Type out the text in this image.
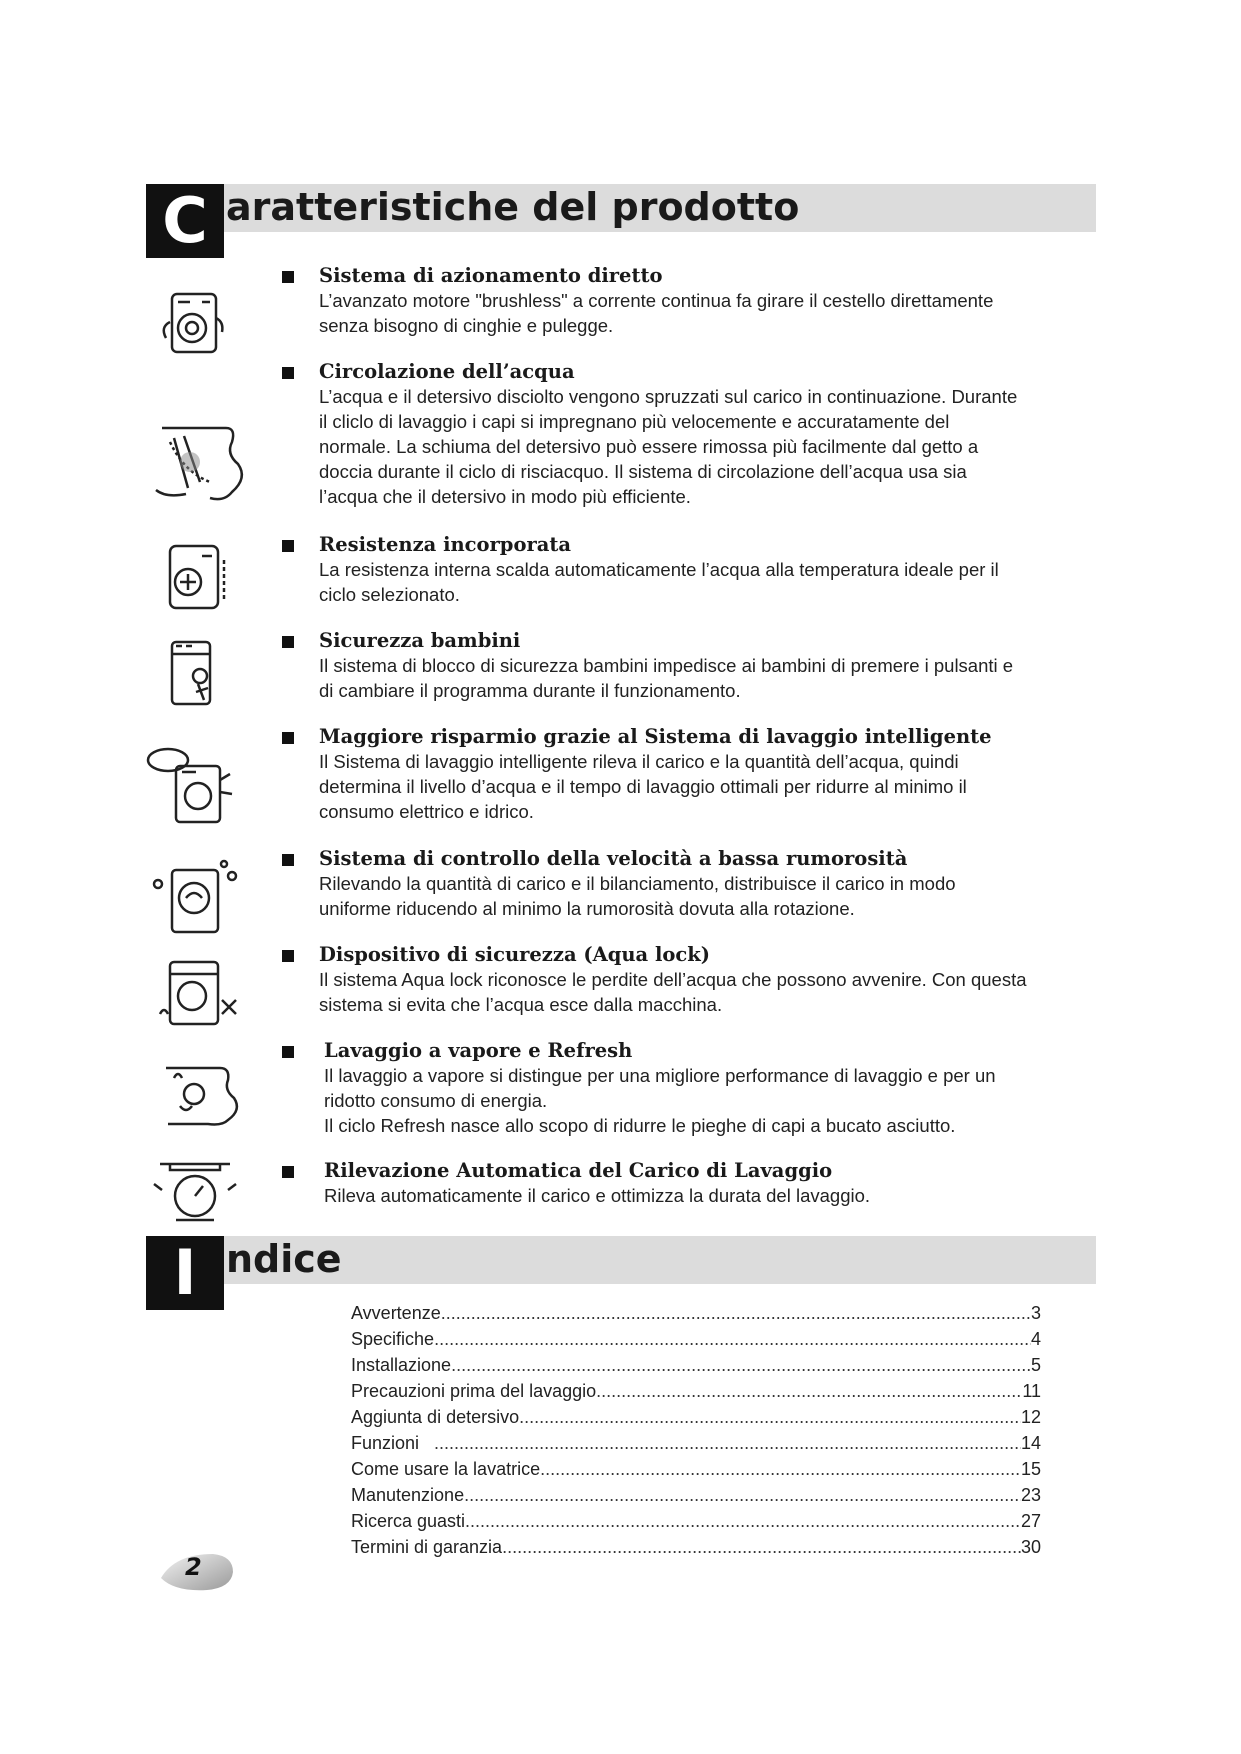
C aratteristiche del prodotto
Sistema di azionamento diretto
L’avanzato motore "brushless" a corrente continua fa girare il cestello direttamente
senza bisogno di cinghie e pulegge.
Circolazione dell’acqua
L’acqua e il detersivo disciolto vengono spruzzati sul carico in continuazione. Durante
il cliclo di lavaggio i capi si impregnano più velocemente e accuratamente del
normale. La schiuma del detersivo può essere rimossa più facilmente dal getto a
doccia durante il ciclo di risciacquo. Il sistema di circolazione dell’acqua usa sia
l’acqua che il detersivo in modo più efficiente.
Resistenza incorporata
La resistenza interna scalda automaticamente l’acqua alla temperatura ideale per il
ciclo selezionato.
Sicurezza bambini
Il sistema di blocco di sicurezza bambini impedisce ai bambini di premere i pulsanti e
di cambiare il programma durante il funzionamento.
Maggiore risparmio grazie al Sistema di lavaggio intelligente
Il Sistema di lavaggio intelligente rileva il carico e la quantità dell’acqua, quindi
determina il livello d’acqua e il tempo di lavaggio ottimali per ridurre al minimo il
consumo elettrico e idrico.
Sistema di controllo della velocità a bassa rumorosità
Rilevando la quantità di carico e il bilanciamento, distribuisce il carico in modo
uniforme riducendo al minimo la rumorosità dovuta alla rotazione.
Dispositivo di sicurezza (Aqua lock)
Il sistema Aqua lock riconosce le perdite dell’acqua che possono avvenire. Con questa
sistema si evita che l’acqua esce dalla macchina.
Lavaggio a vapore e Refresh
Il lavaggio a vapore si distingue per una migliore performance di lavaggio e per un
ridotto consumo di energia.
Il ciclo Refresh nasce allo scopo di ridurre le pieghe di capi a bucato asciutto.
Rilevazione Automatica del Carico di Lavaggio
Rileva automaticamente il carico e ottimizza la durata del lavaggio.
I ndice
Avvertenze .....	3
Specifiche .....	4
Installazione .....	5
Precauzioni prima del lavaggio .....	11
Aggiunta di detersivo .....	12
Funzioni .....	14
Come usare la lavatrice .....	15
Manutenzione .....	23
Ricerca guasti .....	27
Termini di garanzia .....	30
2
